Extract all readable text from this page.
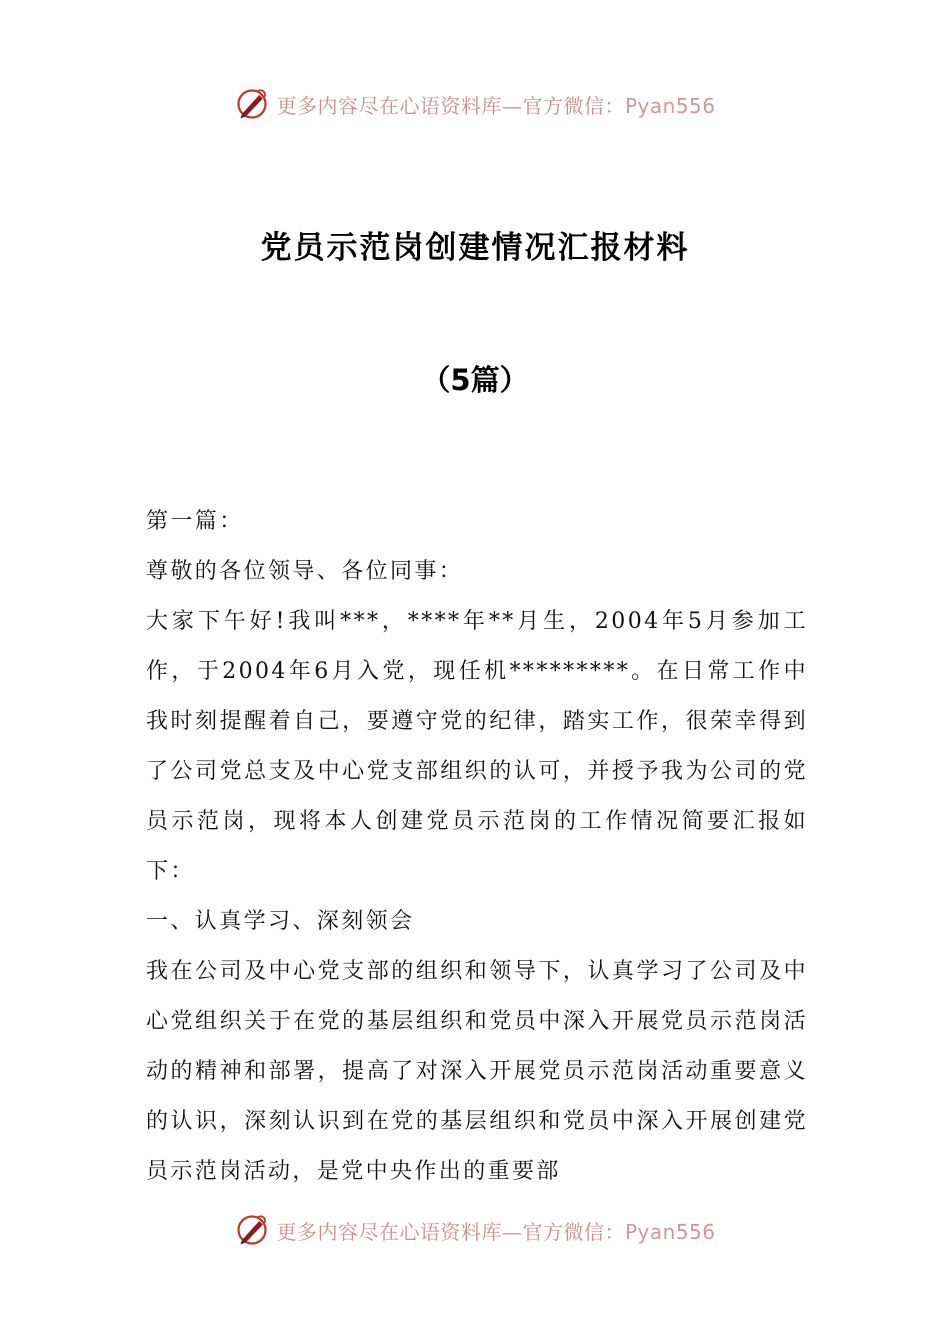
更多内容尽在心语资料库—官方微信：Pyan556
党员示范岗创建情况汇报材料
（5篇）

第一篇：

尊敬的各位领导、各位同事：

大家下午好!我叫***，****年**月生，2004年5月参加工作，于2004年6月入党，现任机*********。在日常工作中我时刻提醒着自己，要遵守党的纪律，踏实工作，很荣幸得到了公司党总支及中心党支部组织的认可，并授予我为公司的党员示范岗，现将本人创建党员示范岗的工作情况简要汇报如下：

一、认真学习、深刻领会

我在公司及中心党支部的组织和领导下，认真学习了公司及中心党组织关于在党的基层组织和党员中深入开展党员示范岗活动的精神和部署，提高了对深入开展党员示范岗活动重要意义的认识，深刻认识到在党的基层组织和党员中深入开展创建党员示范岗活动，是党中央作出的重要部

更多内容尽在心语资料库—官方微信：Pyan556
